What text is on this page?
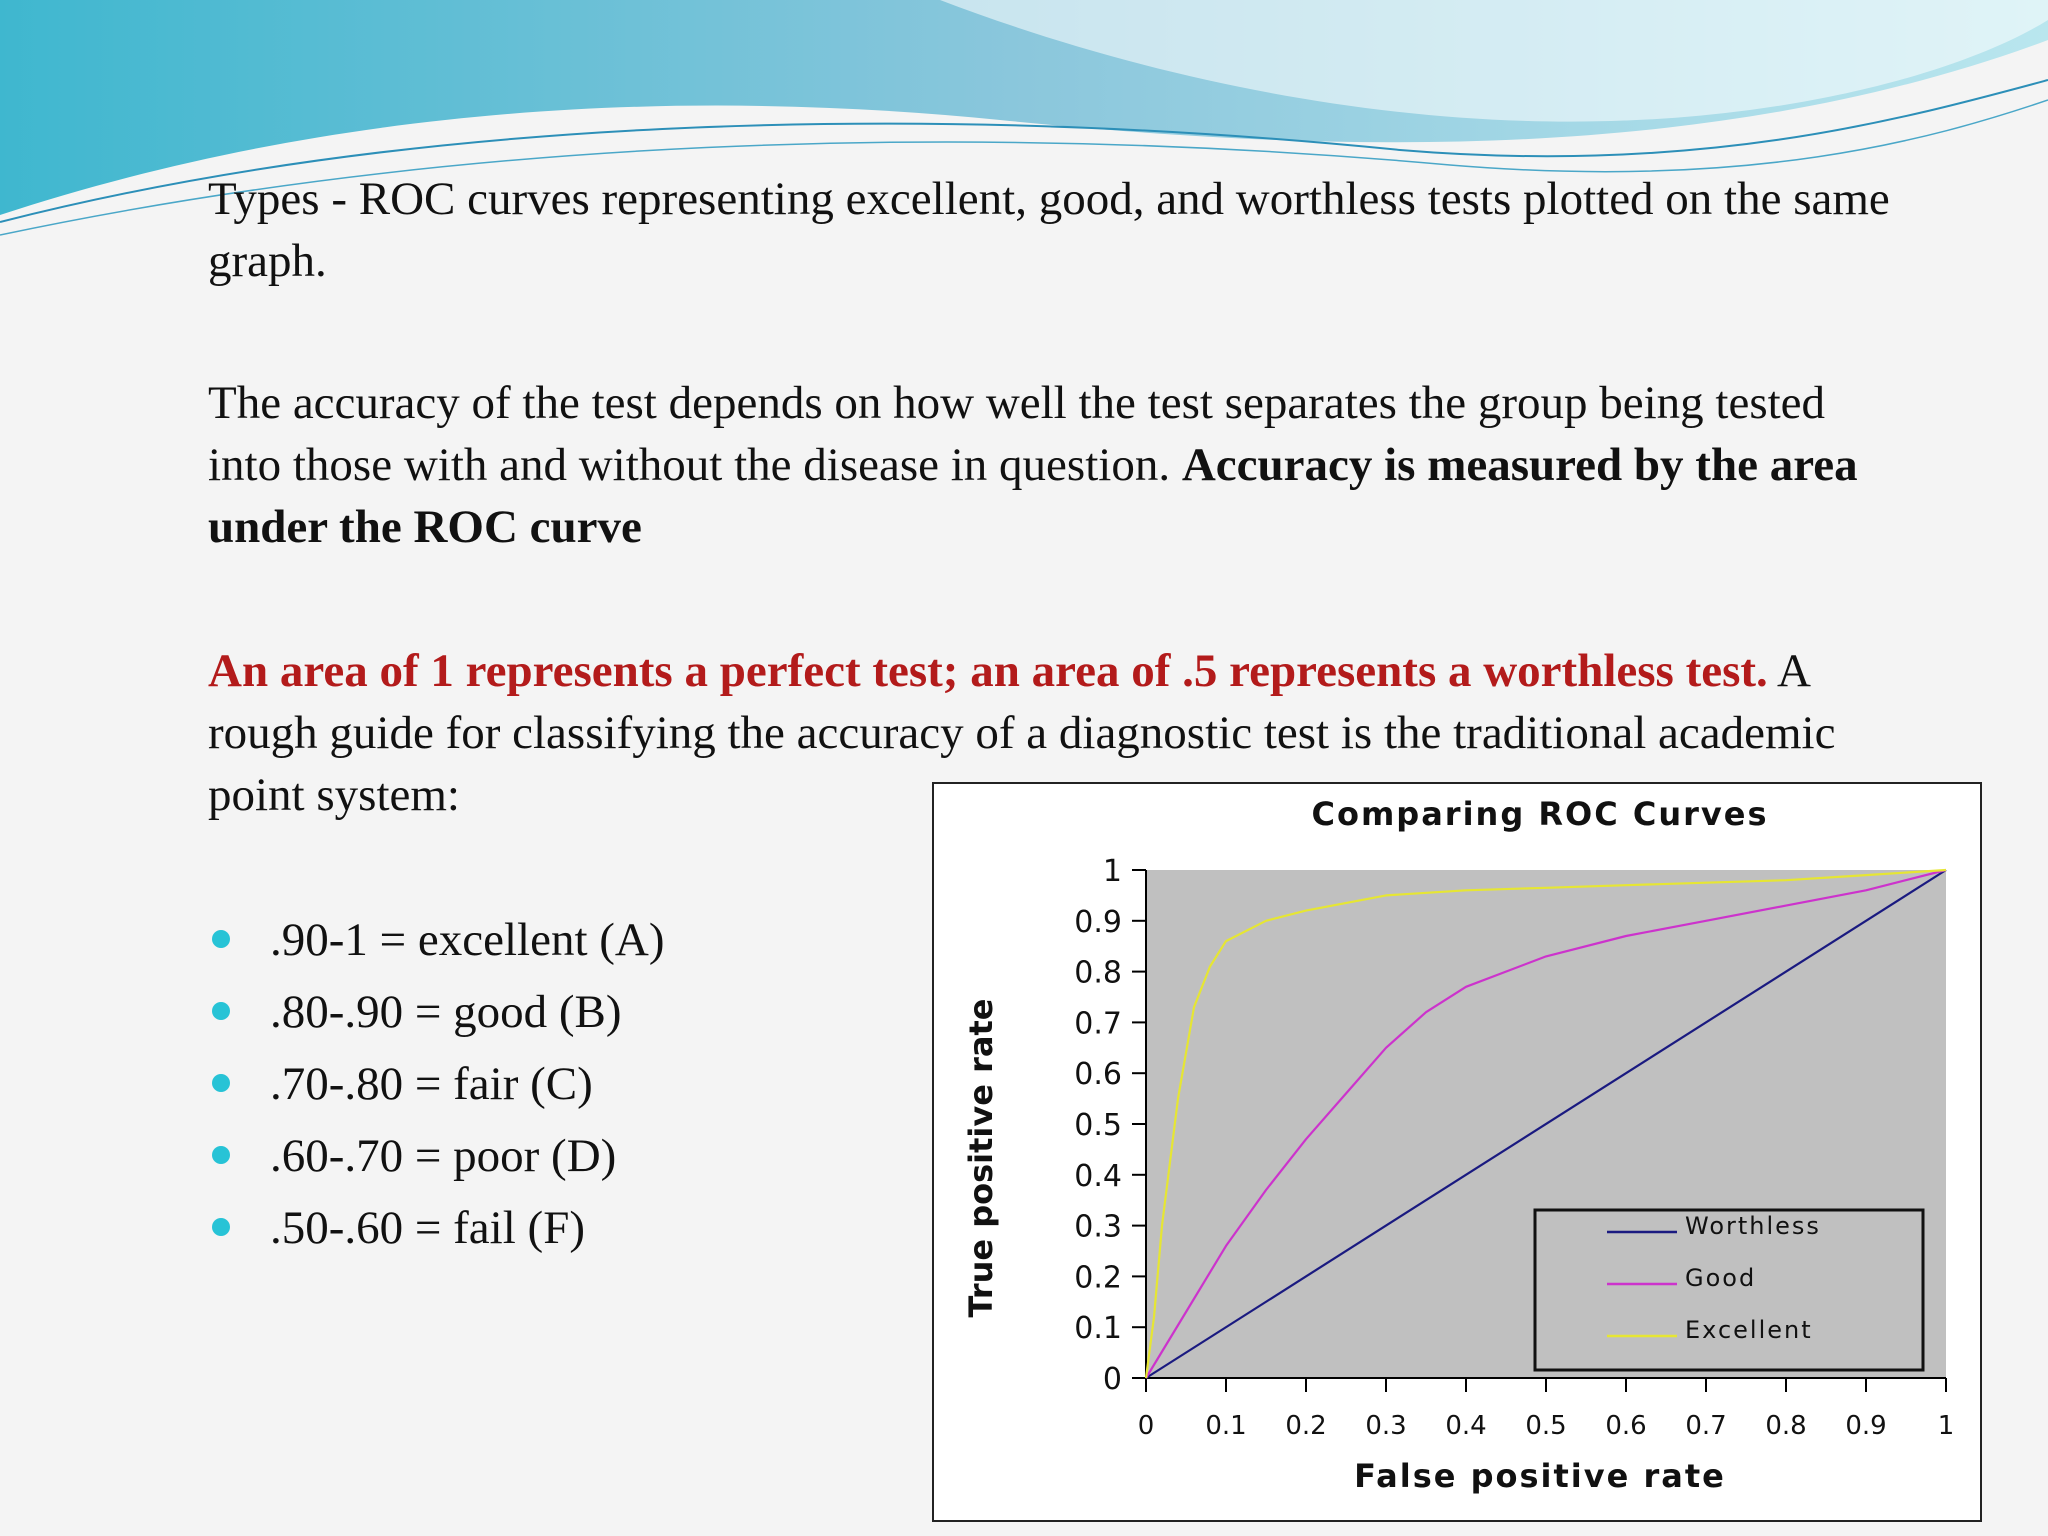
Types - ROC curves representing excellent, good, and worthless tests plotted on the same graph.

The accuracy of the test depends on how well the test separates the group being tested into those with and without the disease in question. Accuracy is measured by the area under the ROC curve

An area of 1 represents a perfect test; an area of .5 represents a worthless test. A rough guide for classifying the accuracy of a diagnostic test is the traditional academic point system:

.90-1 = excellent (A)
.80-.90 = good (B)
.70-.80 = fair (C)
.60-.70 = poor (D)
.50-.60 = fail (F)
Comparing ROC Curves
0
0.1
0.2
0.3
0.4
0.5
0.6
0.7
0.8
0.9
1
0 0.1 0.2 0.3 0.4 0.5 0.6 0.7 0.8 0.9 1
False positive rate
True positive rate	Worthless
Good
Excellent
